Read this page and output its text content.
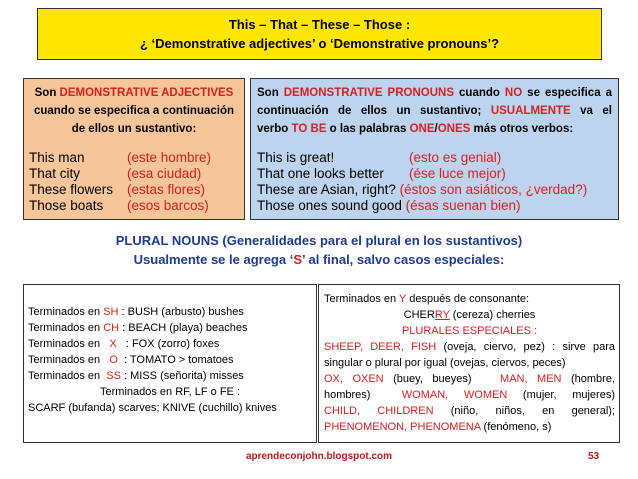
This – That – These – Those :
¿ ‘Demonstrative adjectives’ o ‘Demonstrative pronouns’?
Son DEMONSTRATIVE ADJECTIVES
cuando se especifica a continuación
de ellos un sustantivo:
This man	(este hombre)
That city	(esa ciudad)
These flowers (estas flores)
Those boats (esos barcos)
Son DEMONSTRATIVE PRONOUNS cuando NO se especifica a
continuación de ellos un sustantivo; USUALMENTE va el
verbo TO BE o las palabras ONE/ONES más otros verbos:
This is great!	(esto es genial)
That one looks better (ése luce mejor)
These are Asian, right? (éstos son asiáticos, ¿verdad?)
Those ones sound good (ésas suenan bien)
PLURAL NOUNS (Generalidades para el plural en los sustantivos)
Usualmente se le agrega ‘S’ al final, salvo casos especiales:
Terminados en SH : BUSH (arbusto) bushes
Terminados en CH : BEACH (playa) beaches
Terminados en   X   : FOX (zorro) foxes
Terminados en   O  : TOMATO > tomatoes
Terminados en  SS : MISS (señorita) misses
Terminados en RF, LF o FE :
SCARF (bufanda) scarves; KNIVE (cuchillo) knives
Terminados en Y después de consonante:
CHERRY (cereza) cherries
PLURALES ESPECIALES :
SHEEP, DEER, FISH (oveja, ciervo, pez) : sirve para
singular o plural por igual (ovejas, ciervos, peces)
OX, OXEN (buey, bueyes)   MAN, MEN (hombre,
hombres)  WOMAN, WOMEN (mujer, mujeres)
CHILD, CHILDREN (niño, niños, en general);
PHENOMENON, PHENOMENA (fenómeno, s)
aprendeconjohn.blogspot.com	53
